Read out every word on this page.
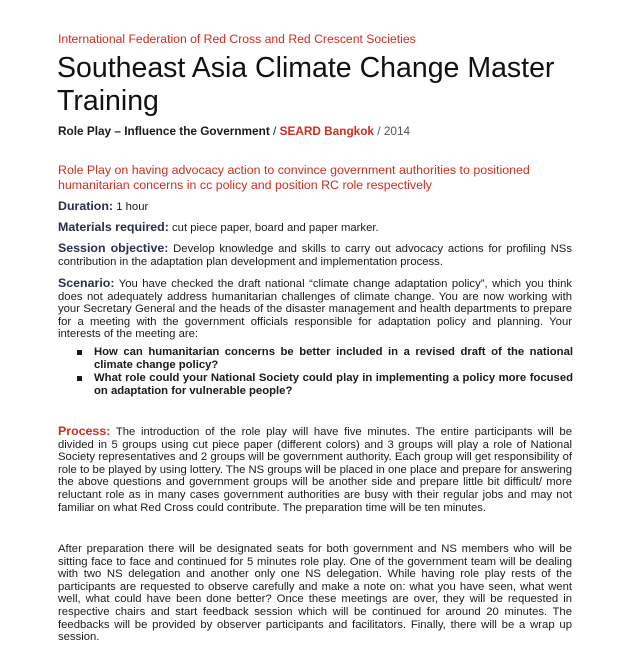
International Federation of Red Cross and Red Crescent Societies
Southeast Asia Climate Change Master Training
Role Play – Influence the Government / SEARD Bangkok / 2014
Role Play on having advocacy action to convince government authorities to positioned humanitarian concerns in cc policy and position RC role respectively
Duration: 1 hour
Materials required: cut piece paper, board and paper marker.
Session objective: Develop knowledge and skills to carry out advocacy actions for profiling NSs contribution in the adaptation plan development and implementation process.
Scenario: You have checked the draft national “climate change adaptation policy”, which you think does not adequately address humanitarian challenges of climate change. You are now working with your Secretary General and the heads of the disaster management and health departments to prepare for a meeting with the government officials responsible for adaptation policy and planning. Your interests of the meeting are:
How can humanitarian concerns be better included in a revised draft of the national climate change policy?
What role could your National Society could play in implementing a policy more focused on adaptation for vulnerable people?
Process: The introduction of the role play will have five minutes. The entire participants will be divided in 5 groups using cut piece paper (different colors) and 3 groups will play a role of National Society representatives and 2 groups will be government authority. Each group will get responsibility of role to be played by using lottery. The NS groups will be placed in one place and prepare for answering the above questions and government groups will be another side and prepare little bit difficult/ more reluctant role as in many cases government authorities are busy with their regular jobs and may not familiar on what Red Cross could contribute. The preparation time will be ten minutes.
After preparation there will be designated seats for both government and NS members who will be sitting face to face and continued for 5 minutes role play. One of the government team will be dealing with two NS delegation and another only one NS delegation. While having role play rests of the participants are requested to observe carefully and make a note on: what you have seen, what went well, what could have been done better? Once these meetings are over, they will be requested in respective chairs and start feedback session which will be continued for around 20 minutes. The feedbacks will be provided by observer participants and facilitators. Finally, there will be a wrap up session.
